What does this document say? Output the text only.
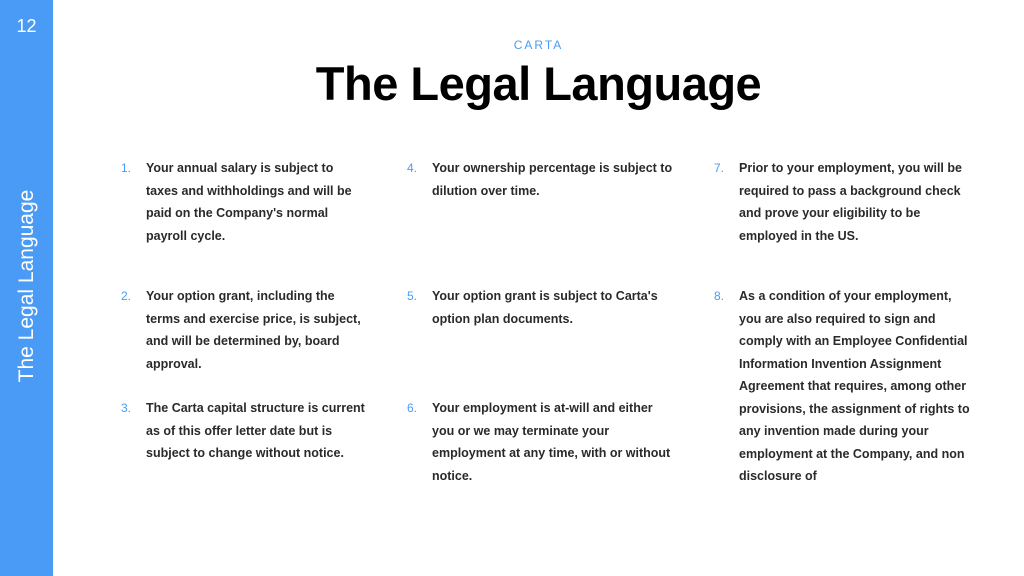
12
The Legal Language
CARTA
The Legal Language
1.	Your annual salary is subject to taxes and withholdings and will be paid on the Company's normal payroll cycle.
2.	Your option grant, including the terms and exercise price, is subject, and will be determined by, board approval.
3.	The Carta capital structure is current as of this offer letter date but is subject to change without notice.
4.	Your ownership percentage is subject to dilution over time.
5.	Your option grant is subject to Carta's option plan documents.
6.	Your employment is at-will and either you or we may terminate your employment at any time, with or without notice.
7.	Prior to your employment, you will be required to pass a background check and prove your eligibility to be employed in the US.
8.	As a condition of your employment, you are also required to sign and comply with an Employee Confidential Information Invention Assignment Agreement that requires, among other provisions, the assignment of rights to any invention made during your employment at the Company, and non disclosure of
